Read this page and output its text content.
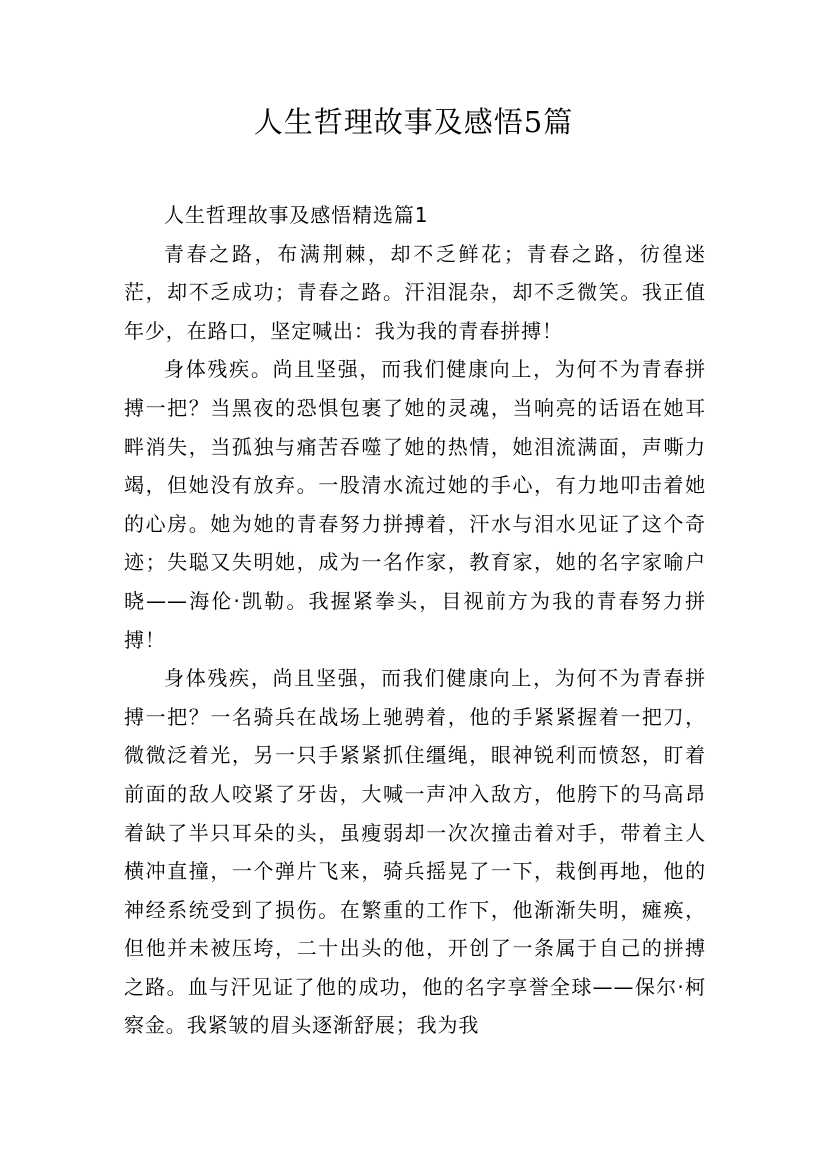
人生哲理故事及感悟5篇

人生哲理故事及感悟精选篇1

青春之路，布满荆棘，却不乏鲜花；青春之路，彷徨迷茫，却不乏成功；青春之路。汗泪混杂，却不乏微笑。我正值年少，在路口，坚定喊出：我为我的青春拼搏！

身体残疾。尚且坚强，而我们健康向上，为何不为青春拼搏一把？当黑夜的恐惧包裹了她的灵魂，当响亮的话语在她耳畔消失，当孤独与痛苦吞噬了她的热情，她泪流满面，声嘶力竭，但她没有放弃。一股清水流过她的手心，有力地叩击着她的心房。她为她的青春努力拼搏着，汗水与泪水见证了这个奇迹；失聪又失明她，成为一名作家，教育家，她的名字家喻户晓——海伦·凯勒。我握紧拳头，目视前方为我的青春努力拼搏！

身体残疾，尚且坚强，而我们健康向上，为何不为青春拼搏一把？一名骑兵在战场上驰骋着，他的手紧紧握着一把刀，微微泛着光，另一只手紧紧抓住缰绳，眼神锐利而愤怒，盯着前面的敌人咬紧了牙齿，大喊一声冲入敌方，他胯下的马高昂着缺了半只耳朵的头，虽瘦弱却一次次撞击着对手，带着主人横冲直撞，一个弹片飞来，骑兵摇晃了一下，栽倒再地，他的神经系统受到了损伤。在繁重的工作下，他渐渐失明，瘫痪，但他并未被压垮，二十出头的他，开创了一条属于自己的拼搏之路。血与汗见证了他的成功，他的名字享誉全球——保尔·柯察金。我紧皱的眉头逐渐舒展；我为我
